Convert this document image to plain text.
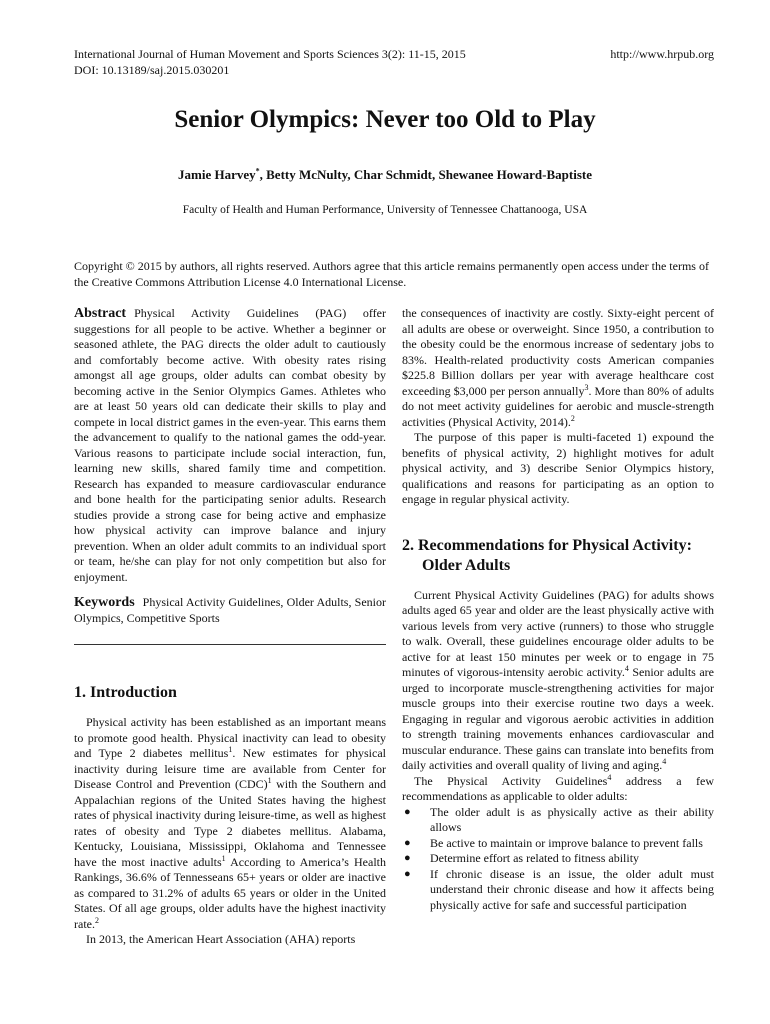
International Journal of Human Movement and Sports Sciences 3(2): 11-15, 2015
DOI: 10.13189/saj.2015.030201
http://www.hrpub.org
Senior Olympics: Never too Old to Play
Jamie Harvey*, Betty McNulty, Char Schmidt, Shewanee Howard-Baptiste
Faculty of Health and Human Performance, University of Tennessee Chattanooga, USA
Copyright © 2015 by authors, all rights reserved. Authors agree that this article remains permanently open access under the terms of the Creative Commons Attribution License 4.0 International License.

Abstract Physical Activity Guidelines (PAG) offer suggestions for all people to be active. Whether a beginner or seasoned athlete, the PAG directs the older adult to cautiously and comfortably become active. With obesity rates rising amongst all age groups, older adults can combat obesity by becoming active in the Senior Olympics Games. Athletes who are at least 50 years old can dedicate their skills to play and compete in local district games in the even-year. This earns them the advancement to qualify to the national games the odd-year. Various reasons to participate include social interaction, fun, learning new skills, shared family time and competition. Research has expanded to measure cardiovascular endurance and bone health for the participating senior adults. Research studies provide a strong case for being active and emphasize how physical activity can improve balance and injury prevention. When an older adult commits to an individual sport or team, he/she can play for not only competition but also for enjoyment.

Keywords Physical Activity Guidelines, Older Adults, Senior Olympics, Competitive Sports

1. Introduction

Physical activity has been established as an important means to promote good health. Physical inactivity can lead to obesity and Type 2 diabetes mellitus$^1$. New estimates for physical inactivity during leisure time are available from Center for Disease Control and Prevention (CDC)$^1$ with the Southern and Appalachian regions of the United States having the highest rates of physical inactivity during leisure-time, as well as highest rates of obesity and Type 2 diabetes mellitus. Alabama, Kentucky, Louisiana, Mississippi, Oklahoma and Tennessee have the most inactive adults$^1$ According to America’s Health Rankings, 36.6% of Tennesseans 65+ years or older are inactive as compared to 31.2% of adults 65 years or older in the United States. Of all age groups, older adults have the highest inactivity rate.$^2$

In 2013, the American Heart Association (AHA) reports

the consequences of inactivity are costly. Sixty-eight percent of all adults are obese or overweight. Since 1950, a contribution to the obesity could be the enormous increase of sedentary jobs to 83%. Health-related productivity costs American companies $225.8 Billion dollars per year with average healthcare cost exceeding $3,000 per person annually$^3$. More than 80% of adults do not meet activity guidelines for aerobic and muscle-strength activities (Physical Activity, 2014).$^2$

The purpose of this paper is multi-faceted 1) expound the benefits of physical activity, 2) highlight motives for adult physical activity, and 3) describe Senior Olympics history, qualifications and reasons for participating as an option to engage in regular physical activity.

2. Recommendations for Physical Activity: Older Adults

Current Physical Activity Guidelines (PAG) for adults shows adults aged 65 year and older are the least physically active with various levels from very active (runners) to those who struggle to walk. Overall, these guidelines encourage older adults to be active for at least 150 minutes per week or to engage in 75 minutes of vigorous-intensity aerobic activity.$^4$ Senior adults are urged to incorporate muscle-strengthening activities for major muscle groups into their exercise routine two days a week. Engaging in regular and vigorous aerobic activities in addition to strength training movements enhances cardiovascular and muscular endurance. These gains can translate into benefits from daily activities and overall quality of living and aging.$^4$

The Physical Activity Guidelines$^4$ address a few recommendations as applicable to older adults:

● The older adult is as physically active as their ability allows
● Be active to maintain or improve balance to prevent falls
● Determine effort as related to fitness ability
● If chronic disease is an issue, the older adult must understand their chronic disease and how it affects being physically active for safe and successful participation
